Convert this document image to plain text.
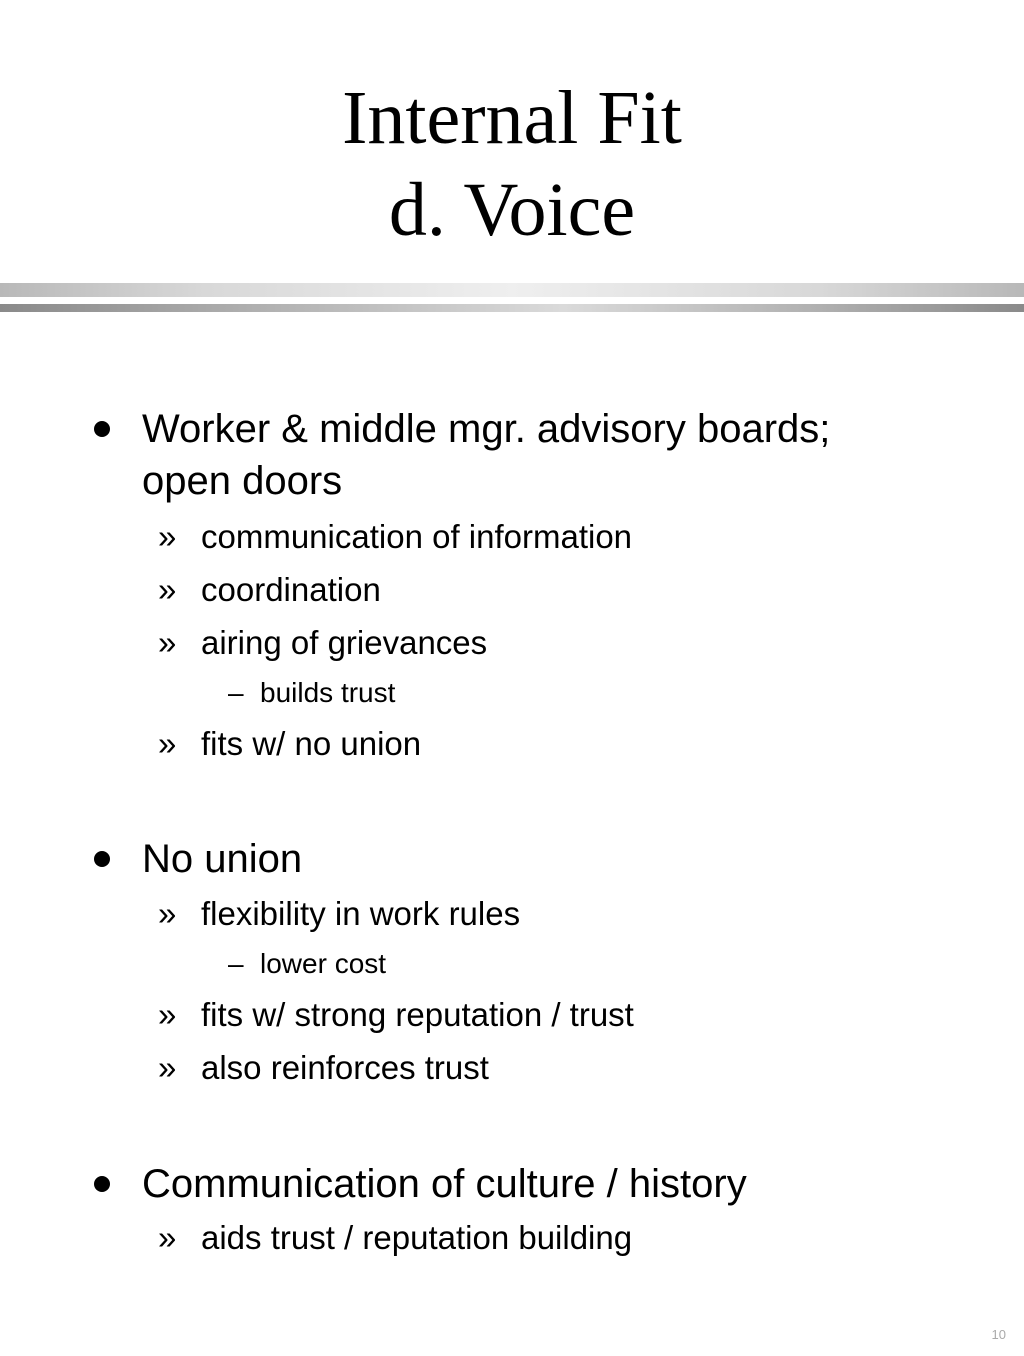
Internal Fit
d. Voice
Worker & middle mgr. advisory boards;
open doors
» communication of information
» coordination
» airing of grievances
– builds trust
» fits w/ no union
No union
» flexibility in work rules
– lower cost
» fits w/ strong reputation / trust
» also reinforces trust
Communication of culture / history
» aids trust / reputation building
10
